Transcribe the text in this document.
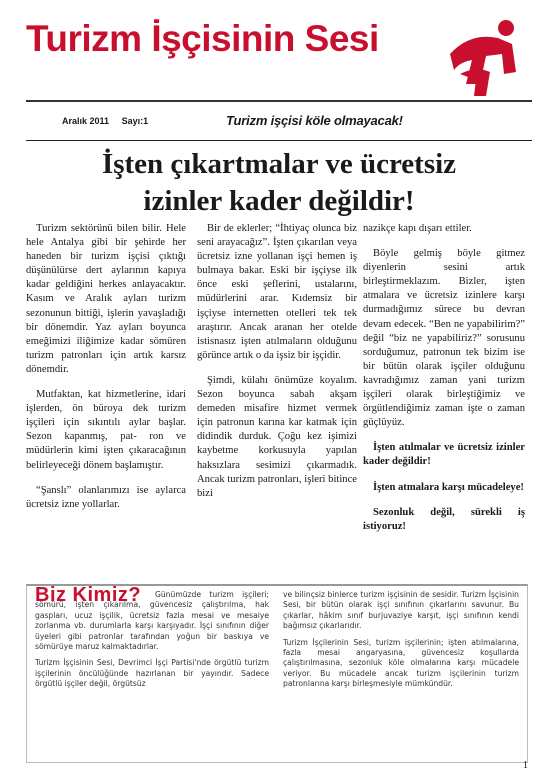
Turizm İşçisinin Sesi
Aralık 2011 Sayı:1	Turizm işçisi köle olmayacak!
İşten çıkartmalar ve ücretsiz
izinler kader değildir!

Turizm sektörünü bilen bilir. Hele hele Antalya gibi bir şehirde her haneden bir turizm işçisi çıktığı düşünülürse dert aylarının kapıya kadar geldiğini herkes anlayacaktır. Kasım ve Aralık ayları turizm sezonunun bittiği, işlerin yavaşladığı bir dönemdir. Yaz ayları boyunca emeğimizi iliğimize kadar sömüren turizm patronları için artık karsız dönemdir.

Mutfaktan, kat hizmetlerine, idari işlerden, ön büroya dek turizm işçileri için sıkıntılı aylar başlar. Sezon kapanmış, pat- ron ve müdürlerin kimi işten çıkaracağının belirleyeceği dönem başlamıştır.

“Şanslı” olanlarımızı ise aylarca ücretsiz izne yollarlar.

Bir de eklerler; “İhtiyaç olunca biz seni arayacağız”. İşten çıkarılan veya ücretsiz izne yollanan işçi hemen iş bulmaya bakar. Eski bir işçiyse ilk önce eski şeflerini, ustalarını, müdürlerini arar. Kıdemsiz bir işçiyse internetten otelleri tek tek araştırır. Ancak aranan her otelde istisnasız işten atılmaların olduğunu görünce artık o da işsiz bir işçidir.

Şimdi, külahı önümüze koyalım. Sezon boyunca sabah akşam demeden misafire hizmet vermek için patronun karına kar katmak için didindik durduk. Çoğu kez işimizi kaybetme korkusuyla yapılan haksızlara sesimizi çıkarmadık. Ancak turizm patronları, işleri bitince bizi

nazikçe kapı dışarı ettiler.

Böyle gelmiş böyle gitmez diyenlerin sesini artık birleştirmeklazım. Bizler, işten atmalara ve ücretsiz izinlere karşı durmadığımız sürece bu devran devam edecek. “Ben ne yapabilirim?” değil “biz ne yapabiliriz?” sorusunu sorduğumuz, patronun tek bizim ise bir bütün olarak işçiler olduğunu kavradığımız zaman yani turizm işçileri olarak birleştiğimiz ve örgütlendiğimiz zaman işte o zaman güçlüyüz.

İşten atılmalar ve ücretsiz izinler kader değildir!

İşten atmalara karşı mücadeleye!

Sezonluk değil, sürekli iş istiyoruz!

Günümüzde turizm işçileri; sömürü, işten çıkarılma, güvencesiz çalıştırılma, hak gaspları, ucuz işçilik, ücretsiz fazla mesai ve mesaiye zorlanma vb. durumlarla karşı karşıyadır. İşçi sınıfının diğer üyeleri gibi patronlar tarafından yoğun bir baskıya ve sömürüye maruz kalmaktadırlar.

Turizm İşçisinin Sesi, Devrimci İşçi Partisi'nde örgütlü turizm işçilerinin öncülüğünde hazırlanan bir yayındır. Sadece örgütlü işçiler değil, örgütsüz

Biz Kimiz?	ve bilinçsiz binlerce turizm işçisinin de sesidir. Turizm İşçisinin Sesi, bir bütün olarak işçi sınıfının çıkarlarını savunur. Bu çıkarlar, hâkim sınıf burjuvaziye karşıt, işçi sınıfının kendi bağımsız çıkarlarıdır.

Turizm İşçilerinin Sesi, turizm işçilerinin; işten atılmalarına, fazla mesai angaryasına, güvencesiz koşullarda çalıştırılmasına, sezonluk köle olmalarına karşı mücadele veriyor. Bu mücadele ancak turizm işçilerinin turizm patronlarına karşı birleşmesiyle mümkündür.

1
